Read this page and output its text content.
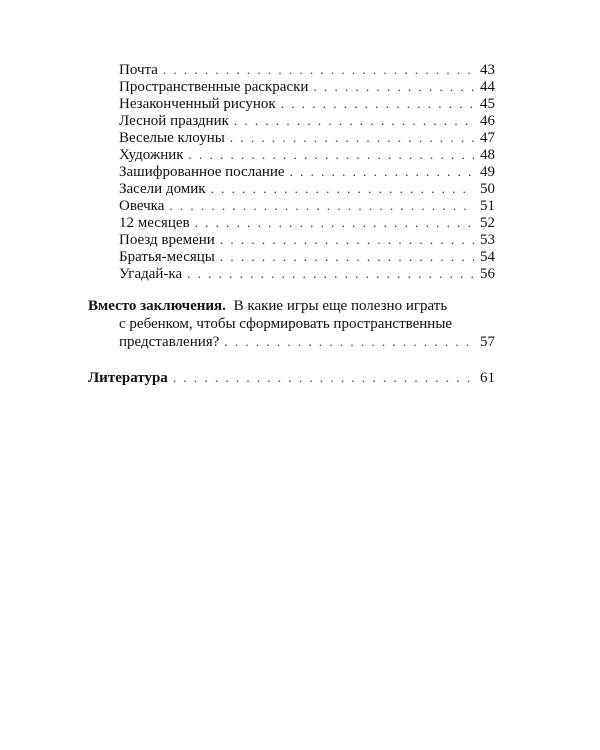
Почта . . .	43
Пространственные раскраски . . .	44
Незаконченный рисунок . . .	45
Лесной праздник . . .	46
Веселые клоуны . . .	47
Художник . . .	48
Зашифрованное послание . . .	49
Засели домик . . .	50
Овечка . . .	51
12 месяцев . . .	52
Поезд времени . . .	53
Братья-месяцы . . .	54
Угадай-ка . . .	56
Вместо заключения. В какие игры еще полезно играть
с ребенком, чтобы сформировать пространственные
представления? . . .	57
Литература . . .	61
